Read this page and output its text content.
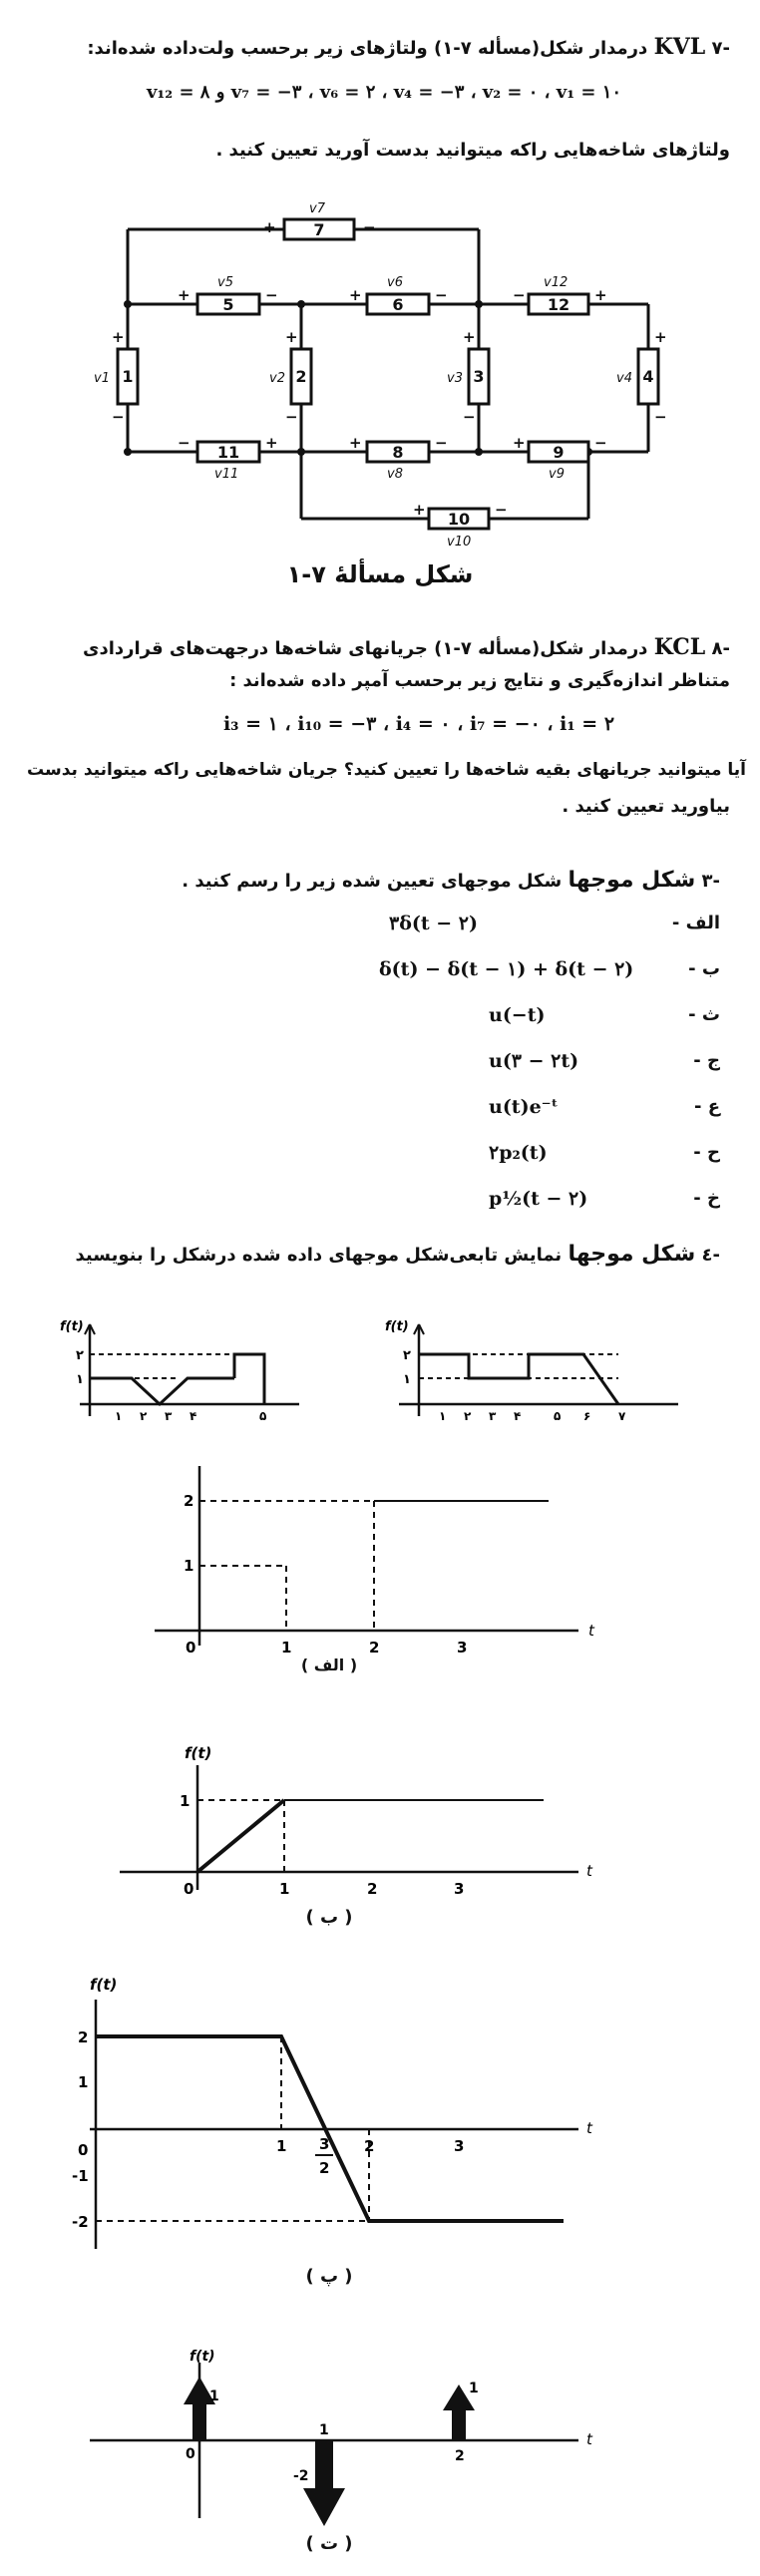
-۷ KVL درمدار شکل(مسأله ۷-۱) ولتاژهای زیر برحسب ولت‌داده شده‌اند:
v₁₂ = ۸ و v₇ = −۳ ، v₆ = ۲ ، v₄ = −۳ ، v₂ = ۰ ، v₁ = ۱۰
ولتاژهای شاخه‌هایی راکه میتوانید بدست آورید تعیین کنید .
7
5	6	12
1	2	3	4
11	8	9
10
v7
v5	v6	v12
v1	v2	v3	v4
v11	v8	v9
v10
+	−
+	−	+	−	−	+
+
−
+
−
+
−
+
−
−	+	+	−	+	−
+	−
شکل مسألۀ ۷-۱
-۸ KCL درمدار شکل(مسأله ۷-۱) جریانهای شاخه‌ها درجهت‌های قراردادی
متناظر اندازه‌گیری و نتایج زیر برحسب آمپر داده شده‌اند :
i₃ = ۱ ، i₁₀ = −۳ ، i₄ = ۰ ، i₇ = −۰ ، i₁ = ۲
آیا میتوانید جریانهای بقیه شاخه‌ها را تعیین کنید؟ جریان شاخه‌هایی راکه میتوانید بدست
بیاورید تعیین کنید .
-۳ شکل موجها شکل موجهای تعیین شده زیر را رسم کنید .
الف -
۳δ(t − ۲)
ب -
δ(t) − δ(t − ۱) + δ(t − ۲)
ث -
u(−t)
ج -
u(۳ − ۲t)
ع -
u(t)e⁻ᵗ
ح -
۲p₂(t)
خ -
p½(t − ۲)
-٤ شکل موجها نمایش تابعی‌شکل موجهای داده شده درشکل را بنویسید
f(t)
۲
۱
۱ ۲ ۳ ۴	۵
f(t)
۲
۱
۱ ۲ ۳ ۴	۵ ۶ ۷
t
0	1	2	3
1
2
( الف )
f(t)
t
0	1	2	3
1
( ب )
f(t)
t
2
1
0
-1
-2
1	2	3
3
2
( پ )
f(t)
t
1
1
-2
1
0	2
( ت )
